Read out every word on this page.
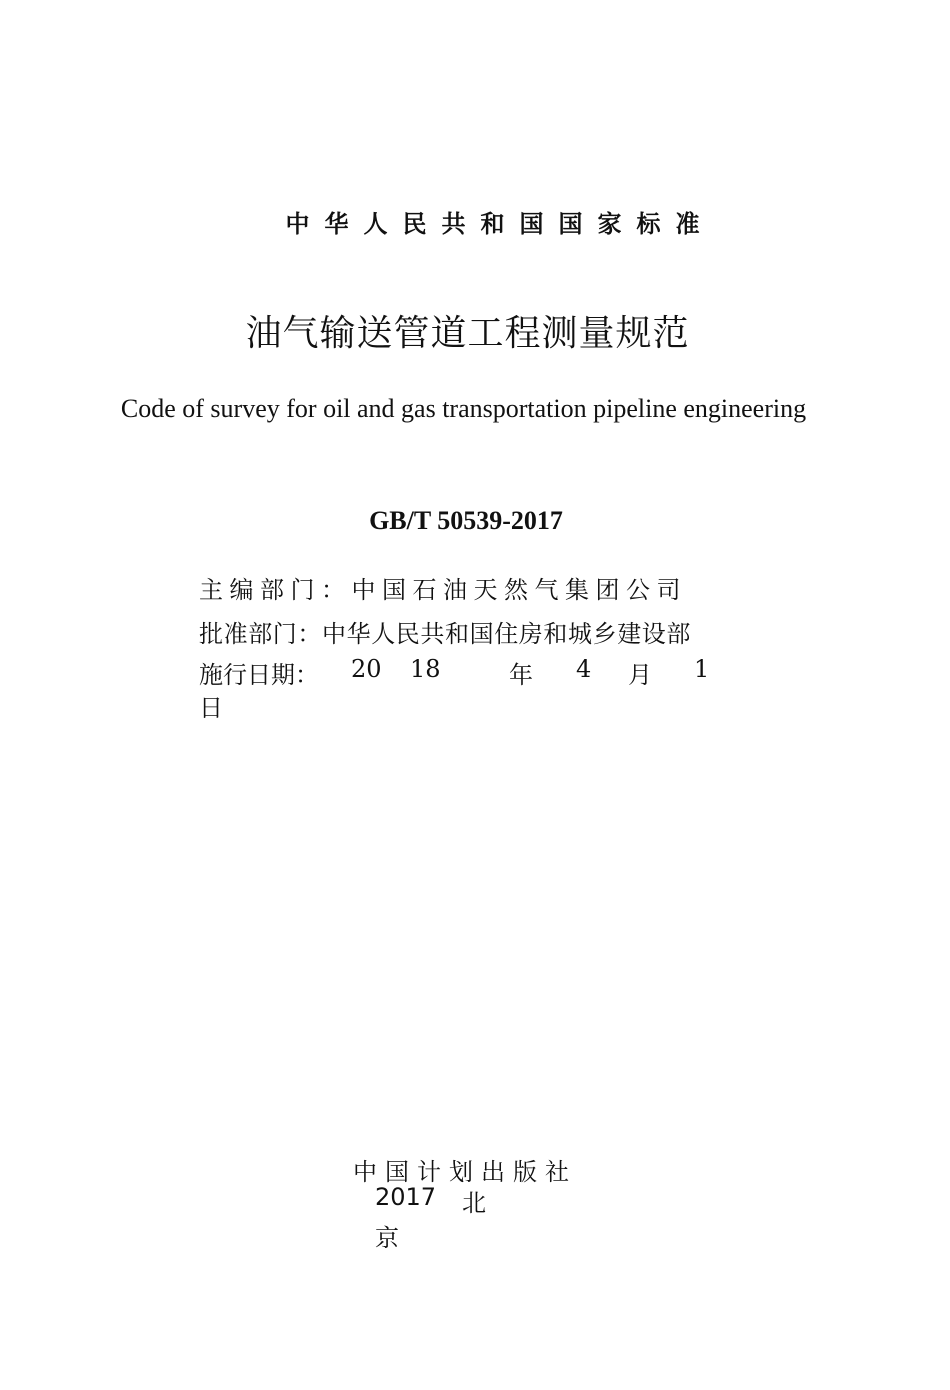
中华人民共和国国家标准
油气输送管道工程测量规范
Code of survey for oil and gas transportation pipeline engineering
GB/T 50539-2017
主编部门：中国石油天然气集团公司
批准部门：中华人民共和国住房和城乡建设部
施行日期： 20 18	年 4 月 1
日
中国计划出版社
2017 北
京
